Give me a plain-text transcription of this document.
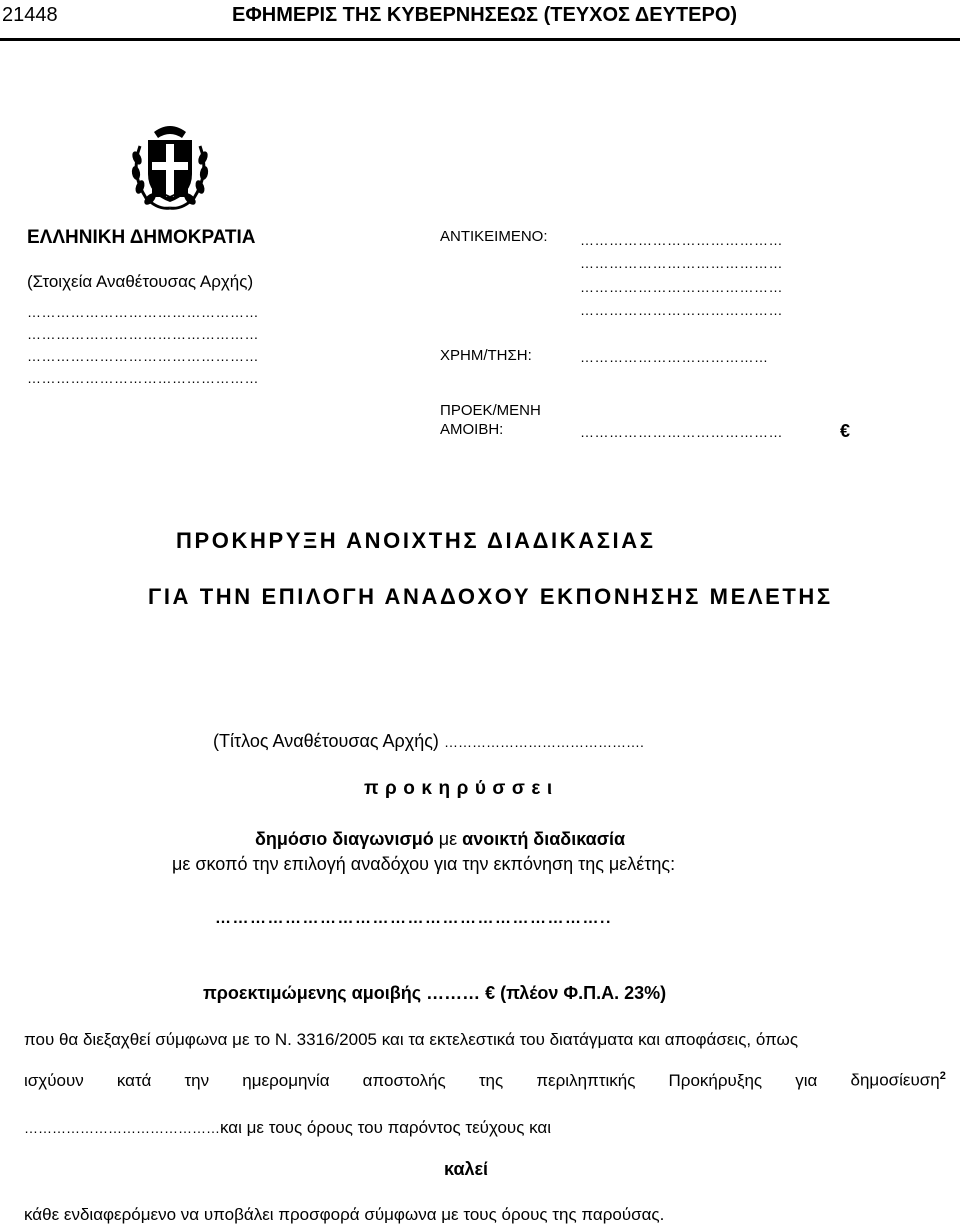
21448	ΕΦΗΜΕΡΙΣ ΤΗΣ ΚΥΒΕΡΝΗΣΕΩΣ (ΤΕΥΧΟΣ ΔΕΥΤΕΡΟ)
ΕΛΛΗΝΙΚΗ ΔΗΜΟΚΡΑΤΙΑ
(Στοιχεία Αναθέτουσας Αρχής)
…………………………………………
…………………………………………
…………………………………………
…………………………………………
ΑΝΤΙΚΕΙΜΕΝΟ: ……………………………………
……………………………………
……………………………………
……………………………………
ΧΡΗΜ/ΤΗΣΗ:	…………………………………
ΠΡΟΕΚ/ΜΕΝΗ
ΑΜΟΙΒΗ:	……………………………………	€
ΠΡΟΚΗΡΥΞΗ ΑΝΟΙΧΤΗΣ ΔΙΑΔΙΚΑΣΙΑΣ
ΓΙΑ ΤΗΝ ΕΠΙΛΟΓΗ ΑΝΑΔΟΧΟΥ ΕΚΠΟΝΗΣΗΣ ΜΕΛΕΤΗΣ
(Τίτλος Αναθέτουσας Αρχής) …………………………………….
προκηρύσσει
δημόσιο διαγωνισμό με ανοικτή διαδικασία
με σκοπό την επιλογή αναδόχου για την εκπόνηση της μελέτης:
…………………………………………………………..
προεκτιμώμενης αμοιβής ……… € (πλέον Φ.Π.Α. 23%)
που θα διεξαχθεί σύμφωνα με το Ν. 3316/2005 και τα εκτελεστικά του διατάγματα και αποφάσεις, όπως
ισχύουν κατά την ημερομηνία αποστολής της περιληπτικής Προκήρυξης για δημοσίευση$^2$
……………………………………και με τους όρους του παρόντος τεύχους και
καλεί
κάθε ενδιαφερόμενο να υποβάλει προσφορά σύμφωνα με τους όρους της παρούσας.
